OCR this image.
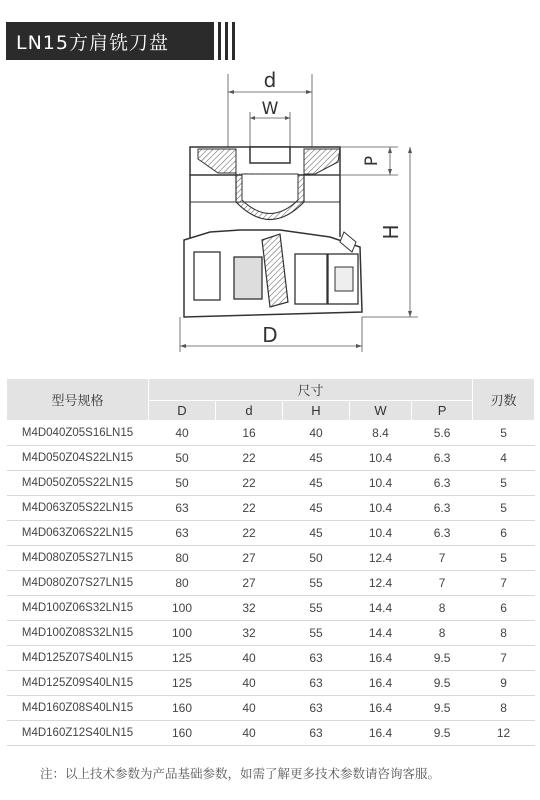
LN15方肩铣刀盘
d
W
P
H
D
型号规格	尺寸					刃数
	D	d	H	W	P	
M4D040Z05S16LN15	40	16	40	8.4	5.6	5
M4D050Z04S22LN15	50	22	45	10.4	6.3	4
M4D050Z05S22LN15	50	22	45	10.4	6.3	5
M4D063Z05S22LN15	63	22	45	10.4	6.3	5
M4D063Z06S22LN15	63	22	45	10.4	6.3	6
M4D080Z05S27LN15	80	27	50	12.4	7	5
M4D080Z07S27LN15	80	27	55	12.4	7	7
M4D100Z06S32LN15	100	32	55	14.4	8	6
M4D100Z08S32LN15	100	32	55	14.4	8	8
M4D125Z07S40LN15	125	40	63	16.4	9.5	7
M4D125Z09S40LN15	125	40	63	16.4	9.5	9
M4D160Z08S40LN15	160	40	63	16.4	9.5	8
M4D160Z12S40LN15	160	40	63	16.4	9.5	12
注：以上技术参数为产品基础参数，如需了解更多技术参数请咨询客服。
